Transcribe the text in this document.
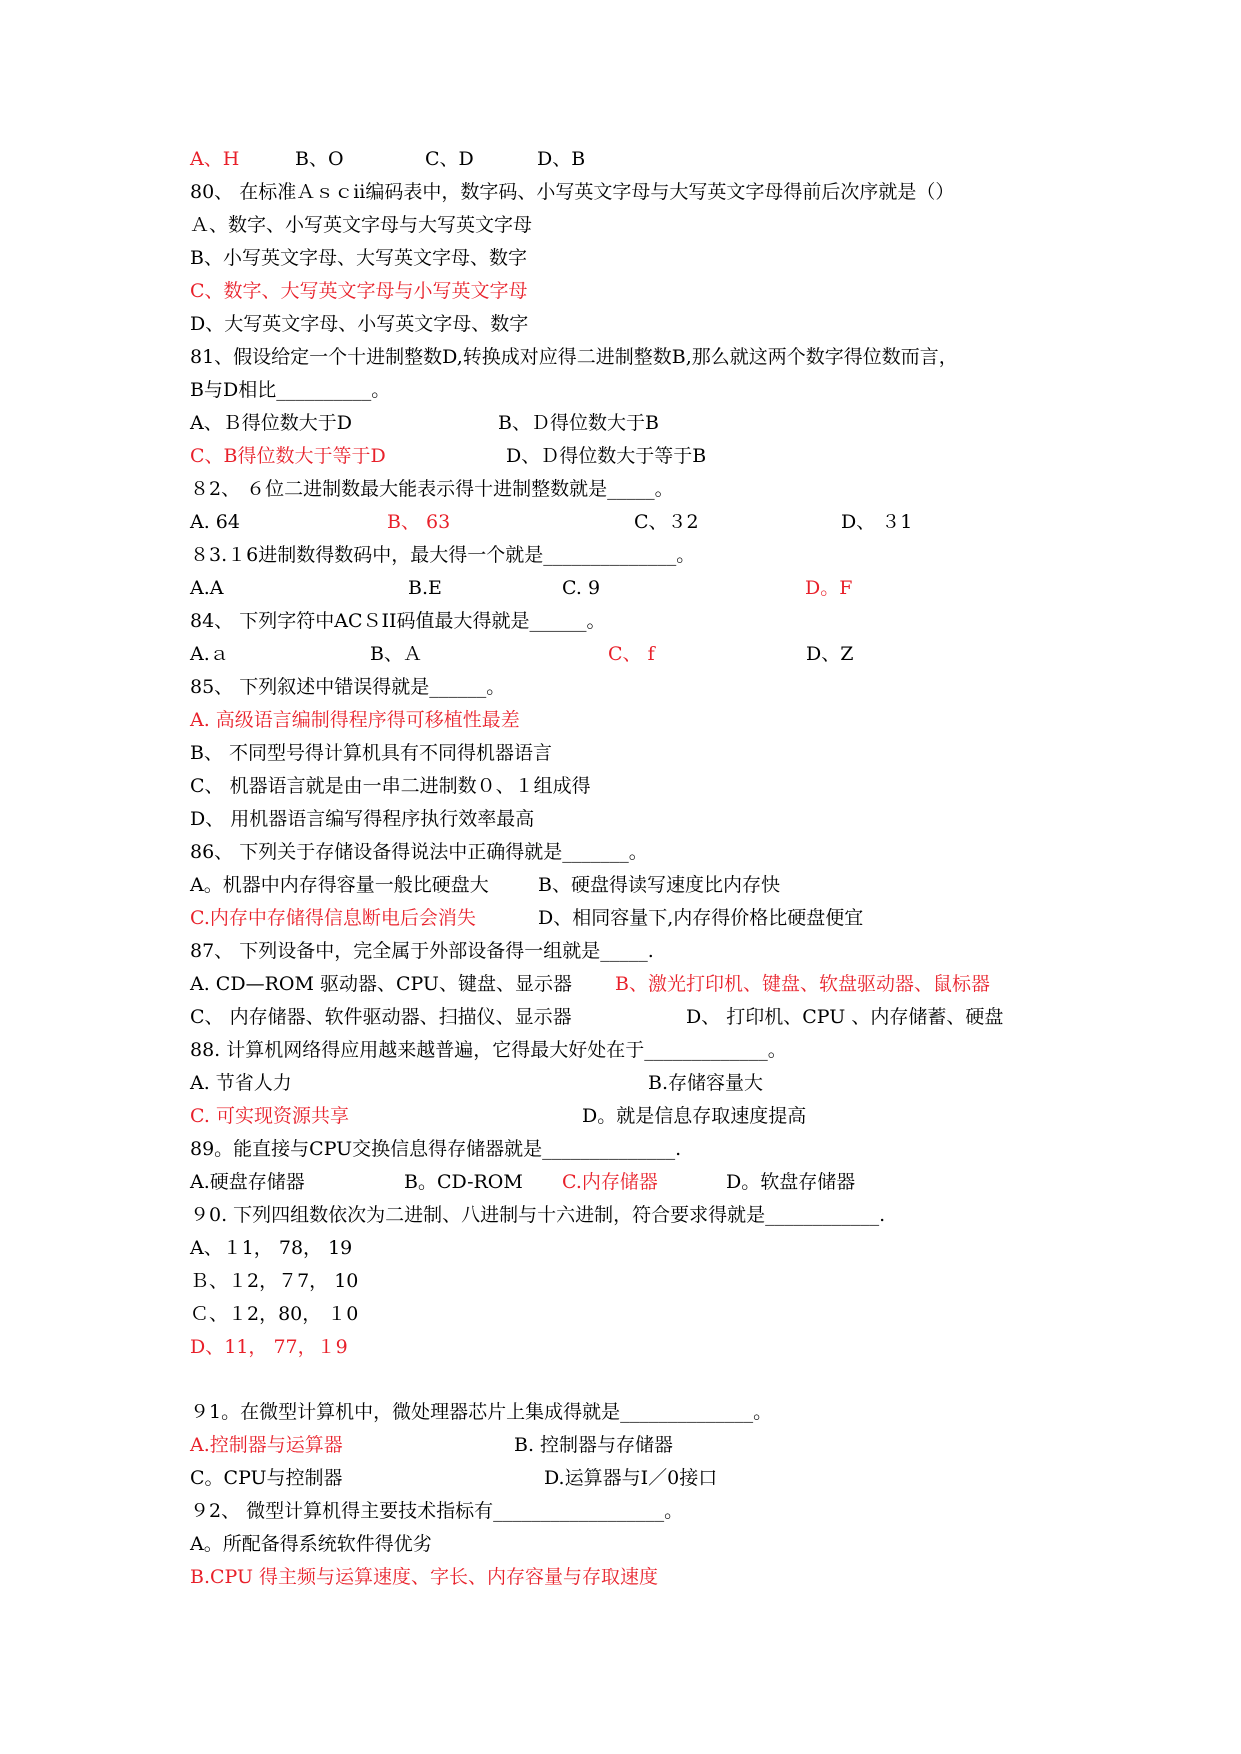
A、H

	B、O

	C、D

	D、B

80、 在标准Ａｓｃii编码表中，数字码、小写英文字母与大写英文字母得前后次序就是（）
Ａ、数字、小写英文字母与大写英文字母
B、小写英文字母、大写英文字母、数字
C、数字、大写英文字母与小写英文字母
D、大写英文字母、小写英文字母、数字
81、假设给定一个十进制整数D,转换成对应得二进制整数B,那么就这两个数字得位数而言，
B与D相比__________。

A、Ｂ得位数大于D

	B、Ｄ得位数大于B

C、B得位数大于等于D

	D、Ｄ得位数大于等于B

８2、 ６位二进制数最大能表示得十进制整数就是_____。

A. 64

	B、 63

	C、３2

	D、 ３1

８3.１6进制数得数码中，最大得一个就是______________。

A.A

	B.E

	C. 9

	D。F

84、 下列字符中ACＳII码值最大得就是______。

A.ａ

	B、Ａ

	C、 f

	D、Z

85、 下列叙述中错误得就是______。
A. 高级语言编制得程序得可移植性最差
B、 不同型号得计算机具有不同得机器语言
C、 机器语言就是由一串二进制数０、１组成得
D、 用机器语言编写得程序执行效率最高
86、 下列关于存储设备得说法中正确得就是_______。

A。机器中内存得容量一般比硬盘大

	B、硬盘得读写速度比内存快

C.内存中存储得信息断电后会消失

	D、相同容量下,内存得价格比硬盘便宜

87、 下列设备中，完全属于外部设备得一组就是_____.

A. CD—ROM 驱动器、CPU、键盘、显示器

B、激光打印机、键盘、软盘驱动器、鼠标器

C、 内存储器、软件驱动器、扫描仪、显示器

	D、 打印机、CPU 、内存储蓄、硬盘

88. 计算机网络得应用越来越普遍，它得最大好处在于_____________。

A. 节省人力

	B.存储容量大

C. 可实现资源共享

	D。就是信息存取速度提高

89。能直接与CPU交换信息得存储器就是______________.

A.硬盘存储器

	B。CD-ROM

C.内存储器

	D。软盘存储器

９0. 下列四组数依次为二进制、八进制与十六进制，符合要求得就是____________.
A、１1， 78， 19
Ｂ、１2，７7， 10
Ｃ、１2，80， １0
D、11， 77，１9
９1。在微型计算机中，微处理器芯片上集成得就是______________。

A.控制器与运算器

	B. 控制器与存储器

C。CPU与控制器

	D.运算器与I／0接口

９2、 微型计算机得主要技术指标有__________________。
A。所配备得系统软件得优劣
B.CPU 得主频与运算速度、字长、内存容量与存取速度
